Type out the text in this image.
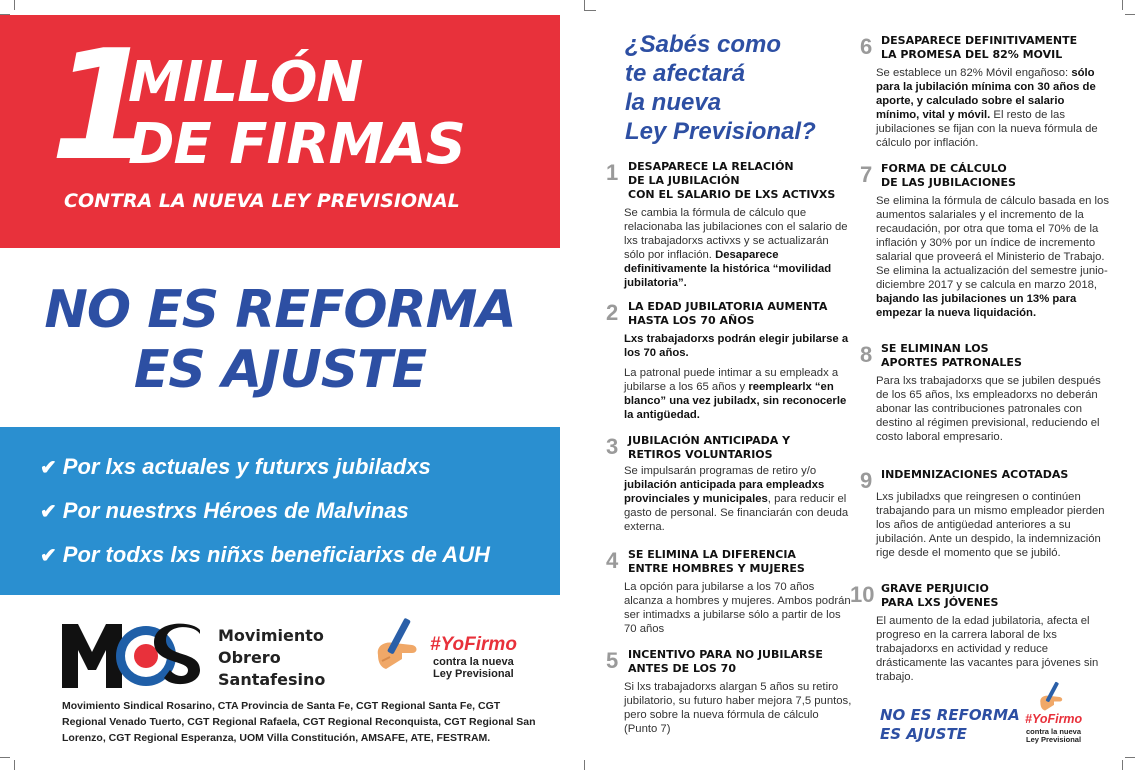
1
MILLÓN
DE FIRMAS
CONTRA LA NUEVA LEY PREVISIONAL
NO ES REFORMA
ES AJUSTE
✔ Por lxs actuales y futurxs jubiladxs
✔ Por nuestrxs Héroes de Malvinas
✔ Por todxs lxs niñxs beneficiarixs de AUH
Movimiento
Obrero
Santafesino
#YoFirmo
contra la nueva
Ley Previsional
Movimiento Sindical Rosarino, CTA Provincia de Santa Fe, CGT Regional Santa Fe, CGT Regional Venado Tuerto, CGT Regional Rafaela, CGT Regional Reconquista, CGT Regional San Lorenzo, CGT Regional Esperanza, UOM Villa Constitución, AMSAFE, ATE, FESTRAM.
¿Sabés como
te afectará
la nueva
Ley Previsional?
1 DESAPARECE LA RELACIÓN
DE LA JUBILACIÓN
CON EL SALARIO DE LXS ACTIVXS
Se cambia la fórmula de cálculo que relacionaba las jubilaciones con el salario de lxs trabajadorxs activxs y se actualizarán sólo por inflación. Desaparece definitivamente la histórica “movilidad jubilatoria”.
2 LA EDAD JUBILATORIA AUMENTA
HASTA LOS 70 AÑOS
Lxs trabajadorxs podrán elegir jubilarse a los 70 años.
La patronal puede intimar a su empleadx a jubilarse a los 65 años y reemplearlx “en blanco” una vez jubiladx, sin reconocerle la antigüedad.
3 JUBILACIÓN ANTICIPADA Y
RETIROS VOLUNTARIOS
Se impulsarán programas de retiro y/o jubilación anticipada para empleadxs provinciales y municipales, para reducir el gasto de personal. Se financiarán con deuda externa.
4 SE ELIMINA LA DIFERENCIA
ENTRE HOMBRES Y MUJERES
La opción para jubilarse a los 70 años alcanza a hombres y mujeres. Ambos podrán ser intimadxs a jubilarse sólo a partir de los 70 años
5 INCENTIVO PARA NO JUBILARSE
ANTES DE LOS 70
Si lxs trabajadorxs alargan 5 años su retiro jubilatorio, su futuro haber mejora 7,5 puntos, pero sobre la nueva fórmula de cálculo (Punto 7)
6 DESAPARECE DEFINITIVAMENTE
LA PROMESA DEL 82% MOVIL
Se establece un 82% Móvil engañoso: sólo para la jubilación mínima con 30 años de aporte, y calculado sobre el salario mínimo, vital y móvil. El resto de las jubilaciones se fijan con la nueva fórmula de cálculo por inflación.
7 FORMA DE CÁLCULO
DE LAS JUBILACIONES
Se elimina la fórmula de cálculo basada en los aumentos salariales y el incremento de la recaudación, por otra que toma el 70% de la inflación y 30% por un índice de incremento salarial que proveerá el Ministerio de Trabajo. Se elimina la actualización del semestre junio-diciembre 2017 y se calcula en marzo 2018, bajando las jubilaciones un 13% para empezar la nueva liquidación.
8 SE ELIMINAN LOS
APORTES PATRONALES
Para lxs trabajadorxs que se jubilen después de los 65 años, lxs empleadorxs no deberán abonar las contribuciones patronales con destino al régimen previsional, reduciendo el costo laboral empresario.
9 INDEMNIZACIONES ACOTADAS
Lxs jubiladxs que reingresen o continúen trabajando para un mismo empleador pierden los años de antigüedad anteriores a su jubilación. Ante un despido, la indemnización rige desde el momento que se jubiló.
10 GRAVE PERJUICIO
PARA LXS JÓVENES
El aumento de la edad jubilatoria, afecta el progreso en la carrera laboral de lxs trabajadorxs en actividad y reduce drásticamente las vacantes para jóvenes sin trabajo.
NO ES REFORMA
ES AJUSTE
#YoFirmo
contra la nueva
Ley Previsional
